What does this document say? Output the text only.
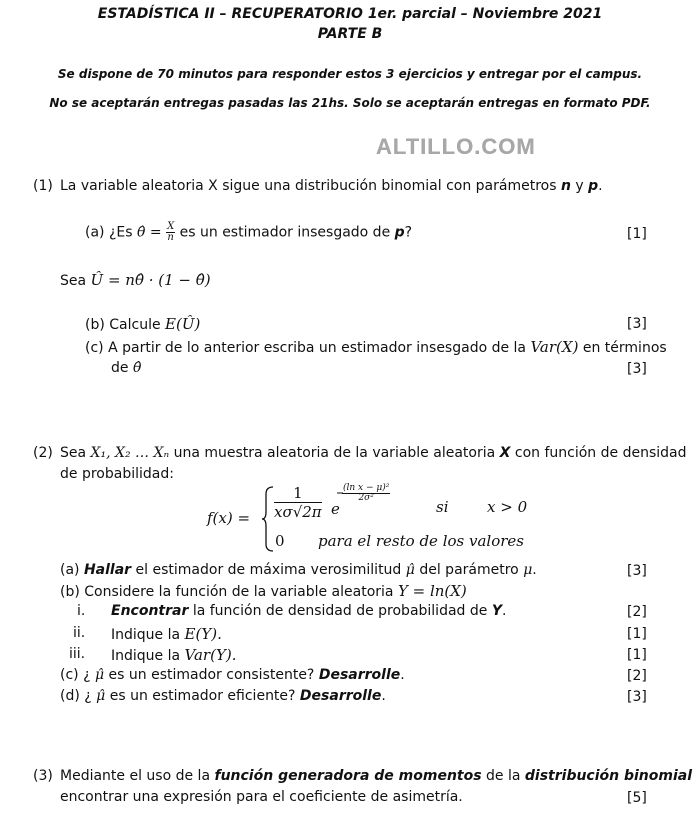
ESTADÍSTICA II – RECUPERATORIO 1er. parcial – Noviembre 2021
PARTE B
Se dispone de 70 minutos para responder estos 3 ejercicios y entregar por el campus.
No se aceptarán entregas pasadas las 21hs. Solo se aceptarán entregas en formato PDF.
ALTILLO.COM
(1) La variable aleatoria X sigue una distribución binomial con parámetros n y p.
(a) ¿Es θ̂ = $\frac{X}{n}$ es un estimador insesgado de p?	[1]
Sea Û = nθ̂ · (1 − θ̂)
(b) Calcule E(Û)	[3]
(c) A partir de lo anterior escriba un estimador insesgado de la Var(X) en términos
de θ̂	[3]
(2) Sea X₁, X₂ … Xₙ una muestra aleatoria de la variable aleatoria X con función de densidad
de probabilidad:
$f(x) = \frac{1}{x\sigma√2\pi}$ e
$\frac{\text{(ln x − μ)²}}{\text{2σ²}}$
si	x > 0
0 para el resto de los valores
(a) Hallar el estimador de máxima verosimilitud μ̂ del parámetro μ.	[3]
(b) Considere la función de la variable aleatoria Y = ln(X)
i. Encontrar la función de densidad de probabilidad de Y.	[2]
ii. Indique la E(Y).	[1]
iii. Indique la Var(Y).	[1]
(c) ¿ μ̂ es un estimador consistente? Desarrolle.	[2]
(d) ¿ μ̂ es un estimador eficiente? Desarrolle.	[3]
(3) Mediante el uso de la función generadora de momentos de la distribución binomial
encontrar una expresión para el coeficiente de asimetría.	[5]
